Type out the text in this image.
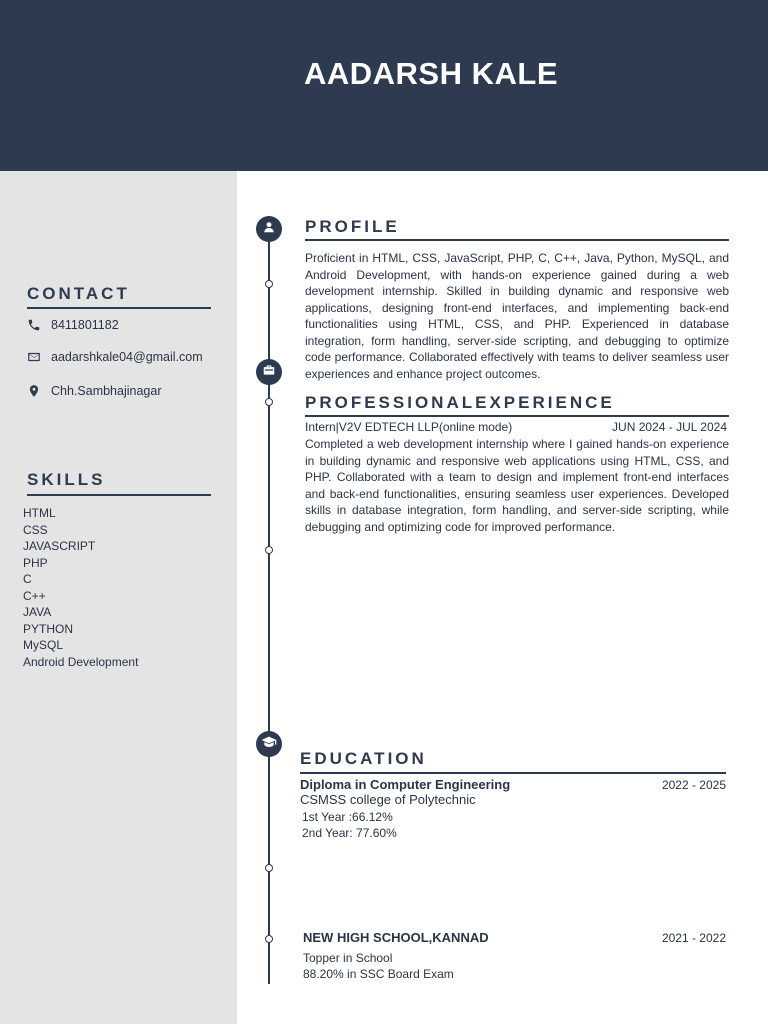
AADARSH KALE
CONTACT
8411801182
aadarshkale04@gmail.com
Chh.Sambhajinagar
SKILLS
HTML
CSS
JAVASCRIPT
PHP
C
C++
JAVA
PYTHON
MySQL
Android Development
PROFILE
Proficient in HTML, CSS, JavaScript, PHP, C, C++, Java, Python, MySQL, and Android Development, with hands-on experience gained during a web development internship. Skilled in building dynamic and responsive web applications, designing front-end interfaces, and implementing back-end functionalities using HTML, CSS, and PHP. Experienced in database integration, form handling, server-side scripting, and debugging to optimize code performance. Collaborated effectively with teams to deliver seamless user experiences and enhance project outcomes.
PROFESSIONALEXPERIENCE
Intern|V2V EDTECH LLP(online mode)	JUN 2024 - JUL 2024
Completed a web development internship where I gained hands-on experience in building dynamic and responsive web applications using HTML, CSS, and PHP. Collaborated with a team to design and implement front-end interfaces and back-end functionalities, ensuring seamless user experiences. Developed skills in database integration, form handling, and server-side scripting, while debugging and optimizing code for improved performance.
EDUCATION
Diploma in Computer Engineering	2022 - 2025
CSMSS college of Polytechnic
1st Year :66.12%
2nd Year: 77.60%
NEW HIGH SCHOOL,KANNAD	2021 - 2022
Topper in School
88.20% in SSC Board Exam
